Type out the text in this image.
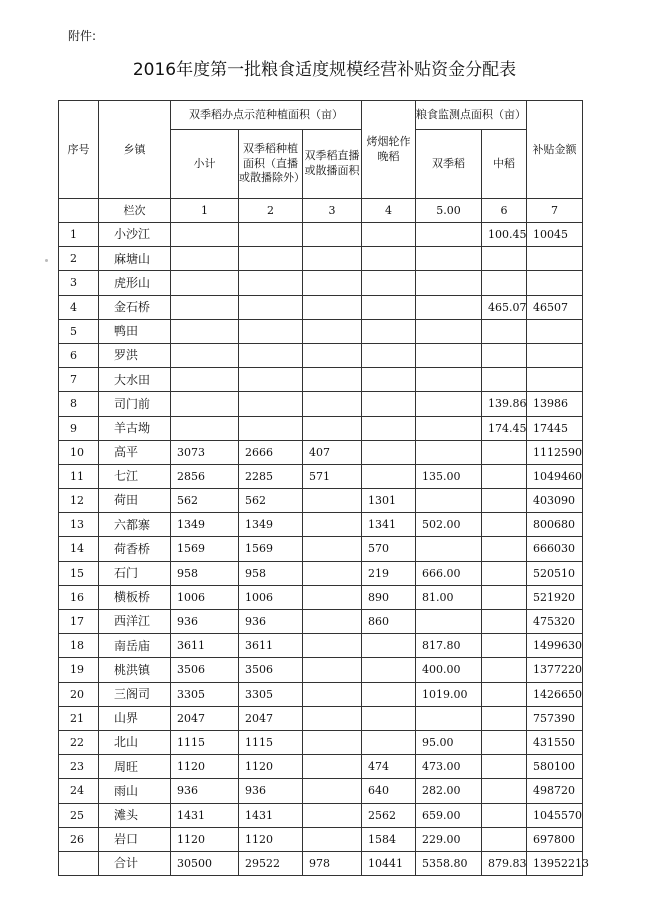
附件:
2016年度第一批粮食适度规模经营补贴资金分配表
序号	乡镇	双季稻办点示范种植面积（亩）			烤烟轮作晚稻	粮食监测点面积（亩）		补贴金额
		小计	双季稻种植面积（直播或散播除外）	双季稻直播或散播面积		双季稻	中稻	
	栏次	1	2	3	4	5.00	6	7
1	小沙江						100.45	10045
2	麻塘山							
3	虎形山							
4	金石桥						465.07	46507
5	鸭田							
6	罗洪							
7	大水田							
8	司门前						139.86	13986
9	羊古坳						174.45	17445
10	高平	3073	2666	407				1112590
11	七江	2856	2285	571		135.00		1049460
12	荷田	562	562		1301			403090
13	六都寨	1349	1349		1341	502.00		800680
14	荷香桥	1569	1569		570			666030
15	石门	958	958		219	666.00		520510
16	横板桥	1006	1006		890	81.00		521920
17	西洋江	936	936		860			475320
18	南岳庙	3611	3611			817.80		1499630
19	桃洪镇	3506	3506			400.00		1377220
20	三阁司	3305	3305			1019.00		1426650
21	山界	2047	2047					757390
22	北山	1115	1115			95.00		431550
23	周旺	1120	1120		474	473.00		580100
24	雨山	936	936		640	282.00		498720
25	滩头	1431	1431		2562	659.00		1045570
26	岩口	1120	1120		1584	229.00		697800
	合计	30500	29522	978	10441	5358.80	879.83	13952213
